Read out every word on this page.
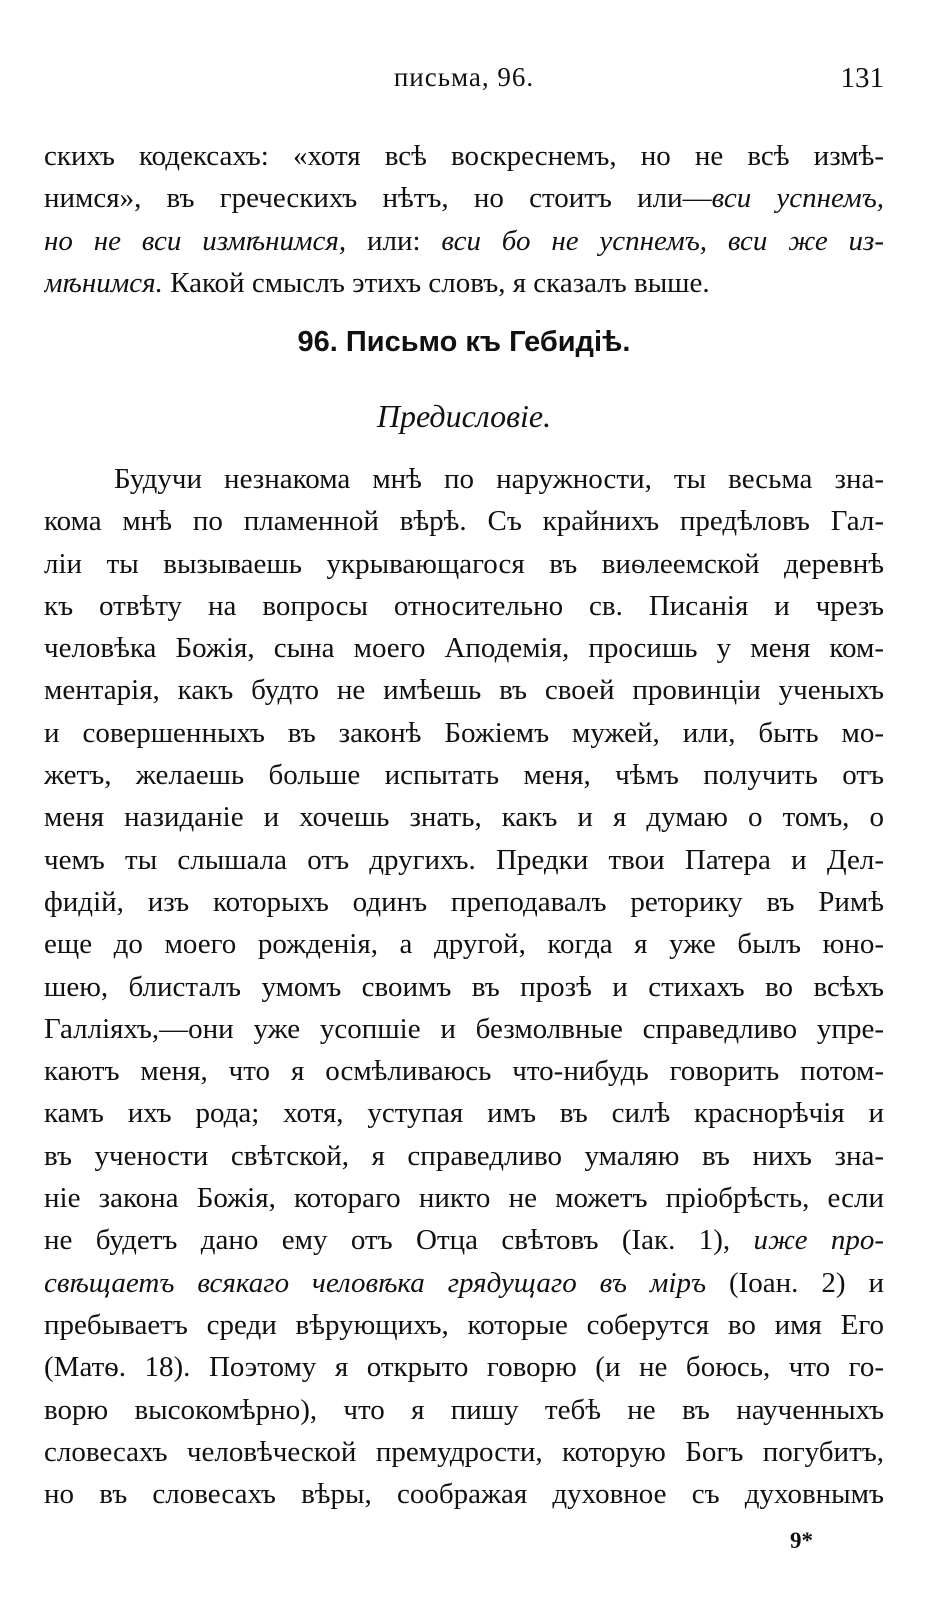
письма, 96.	131
скихъ кодексахъ: «хотя всѣ воскреснемъ, но не всѣ измѣ-
нимся», въ греческихъ нѣтъ, но стоитъ или—вси успнемъ,
но не вси измѣнимся, или: вси бо не успнемъ, вси же из-
мѣнимся. Какой смыслъ этихъ словъ, я сказалъ выше.
96. Письмо къ Гебидiѣ.
Предисловiе.
Будучи незнакома мнѣ по наружности, ты весьма зна-
кома мнѣ по пламенной вѣрѣ. Съ крайнихъ предѣловъ Гал-
лiи ты вызываешь укрывающагося въ виѳлеемской деревнѣ
къ отвѣту на вопросы относительно св. Писанiя и чрезъ
человѣка Божiя, сына моего Аподемiя, просишь у меня ком-
ментарiя, какъ будто не имѣешь въ своей провинцiи ученыхъ
и совершенныхъ въ законѣ Божiемъ мужей, или, быть мо-
жетъ, желаешь больше испытать меня, чѣмъ получить отъ
меня назиданiе и хочешь знать, какъ и я думаю о томъ, о
чемъ ты слышала отъ другихъ. Предки твои Патера и Дел-
фидiй, изъ которыхъ одинъ преподавалъ реторику въ Римѣ
еще до моего рожденiя, а другой, когда я уже былъ юно-
шею, блисталъ умомъ своимъ въ прозѣ и стихахъ во всѣхъ
Галлiяхъ,—они уже усопшiе и безмолвные справедливо упре-
каютъ меня, что я осмѣливаюсь что-нибудь говорить потом-
камъ ихъ рода; хотя, уступая имъ въ силѣ краснорѣчiя и
въ учености свѣтской, я справедливо умаляю въ нихъ зна-
нiе закона Божiя, котораго никто не можетъ прiобрѣсть, если
не будетъ дано ему отъ Отца свѣтовъ (Iак. 1), иже про-
свѣщаетъ всякаго человѣка грядущаго въ мiръ (Iоан. 2) и
пребываетъ среди вѣрующихъ, которые соберутся во имя Его
(Матѳ. 18). Поэтому я открыто говорю (и не боюсь, что го-
ворю высокомѣрно), что я пишу тебѣ не въ наученныхъ
словесахъ человѣческой премудрости, которую Богъ погубитъ,
но въ словесахъ вѣры, соображая духовное съ духовнымъ
9*
